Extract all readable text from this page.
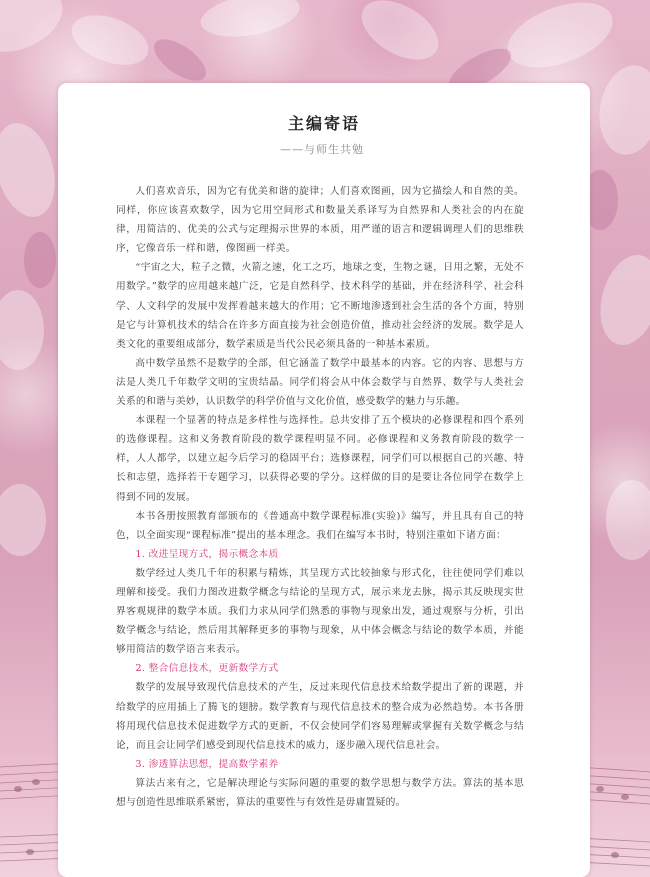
主编寄语
——与师生共勉

人们喜欢音乐，因为它有优美和谐的旋律；人们喜欢图画，因为它描绘人和自然的美。同样，你应该喜欢数学，因为它用空间形式和数量关系译写为自然界和人类社会的内在旋律，用简洁的、优美的公式与定理揭示世界的本质，用严谨的语言和逻辑调理人们的思维秩序，它像音乐一样和谐，像图画一样美。

“宇宙之大，粒子之微，火箭之速，化工之巧，地球之变，生物之谜，日用之繁，无处不用数学。”数学的应用越来越广泛，它是自然科学、技术科学的基础，并在经济科学、社会科学、人文科学的发展中发挥着越来越大的作用；它不断地渗透到社会生活的各个方面，特别是它与计算机技术的结合在许多方面直接为社会创造价值，推动社会经济的发展。数学是人类文化的重要组成部分，数学素质是当代公民必须具备的一种基本素质。

高中数学虽然不是数学的全部，但它涵盖了数学中最基本的内容。它的内容、思想与方法是人类几千年数学文明的宝贵结晶。同学们将会从中体会数学与自然界、数学与人类社会关系的和谐与美妙，认识数学的科学价值与文化价值，感受数学的魅力与乐趣。

本课程一个显著的特点是多样性与选择性。总共安排了五个模块的必修课程和四个系列的选修课程。这和义务教育阶段的数学课程明显不同。必修课程和义务教育阶段的数学一样，人人都学，以建立起今后学习的稳固平台；选修课程，同学们可以根据自己的兴趣、特长和志望，选择若干专题学习，以获得必要的学分。这样做的目的是要让各位同学在数学上得到不同的发展。

本书各册按照教育部颁布的《普通高中数学课程标准(实验)》编写，并且具有自己的特色，以全面实现“课程标准”提出的基本理念。我们在编写本书时，特别注重如下诸方面：

1. 改进呈现方式，揭示概念本质

数学经过人类几千年的积累与精炼，其呈现方式比较抽象与形式化，往往使同学们难以理解和接受。我们力图改进数学概念与结论的呈现方式，展示来龙去脉，揭示其反映现实世界客观规律的数学本质。我们力求从同学们熟悉的事物与现象出发，通过观察与分析，引出数学概念与结论，然后用其解释更多的事物与现象，从中体会概念与结论的数学本质，并能够用简洁的数学语言来表示。

2. 整合信息技术，更新数学方式

数学的发展导致现代信息技术的产生，反过来现代信息技术给数学提出了新的课题，并给数学的应用插上了腾飞的翅膀。数学教育与现代信息技术的整合成为必然趋势。本书各册将用现代信息技术促进数学方式的更新，不仅会使同学们容易理解或掌握有关数学概念与结论，而且会让同学们感受到现代信息技术的威力，逐步融入现代信息社会。

3. 渗透算法思想，提高数学素养

算法古来有之，它是解决理论与实际问题的重要的数学思想与数学方法。算法的基本思想与创造性思维联系紧密，算法的重要性与有效性是毋庸置疑的。
